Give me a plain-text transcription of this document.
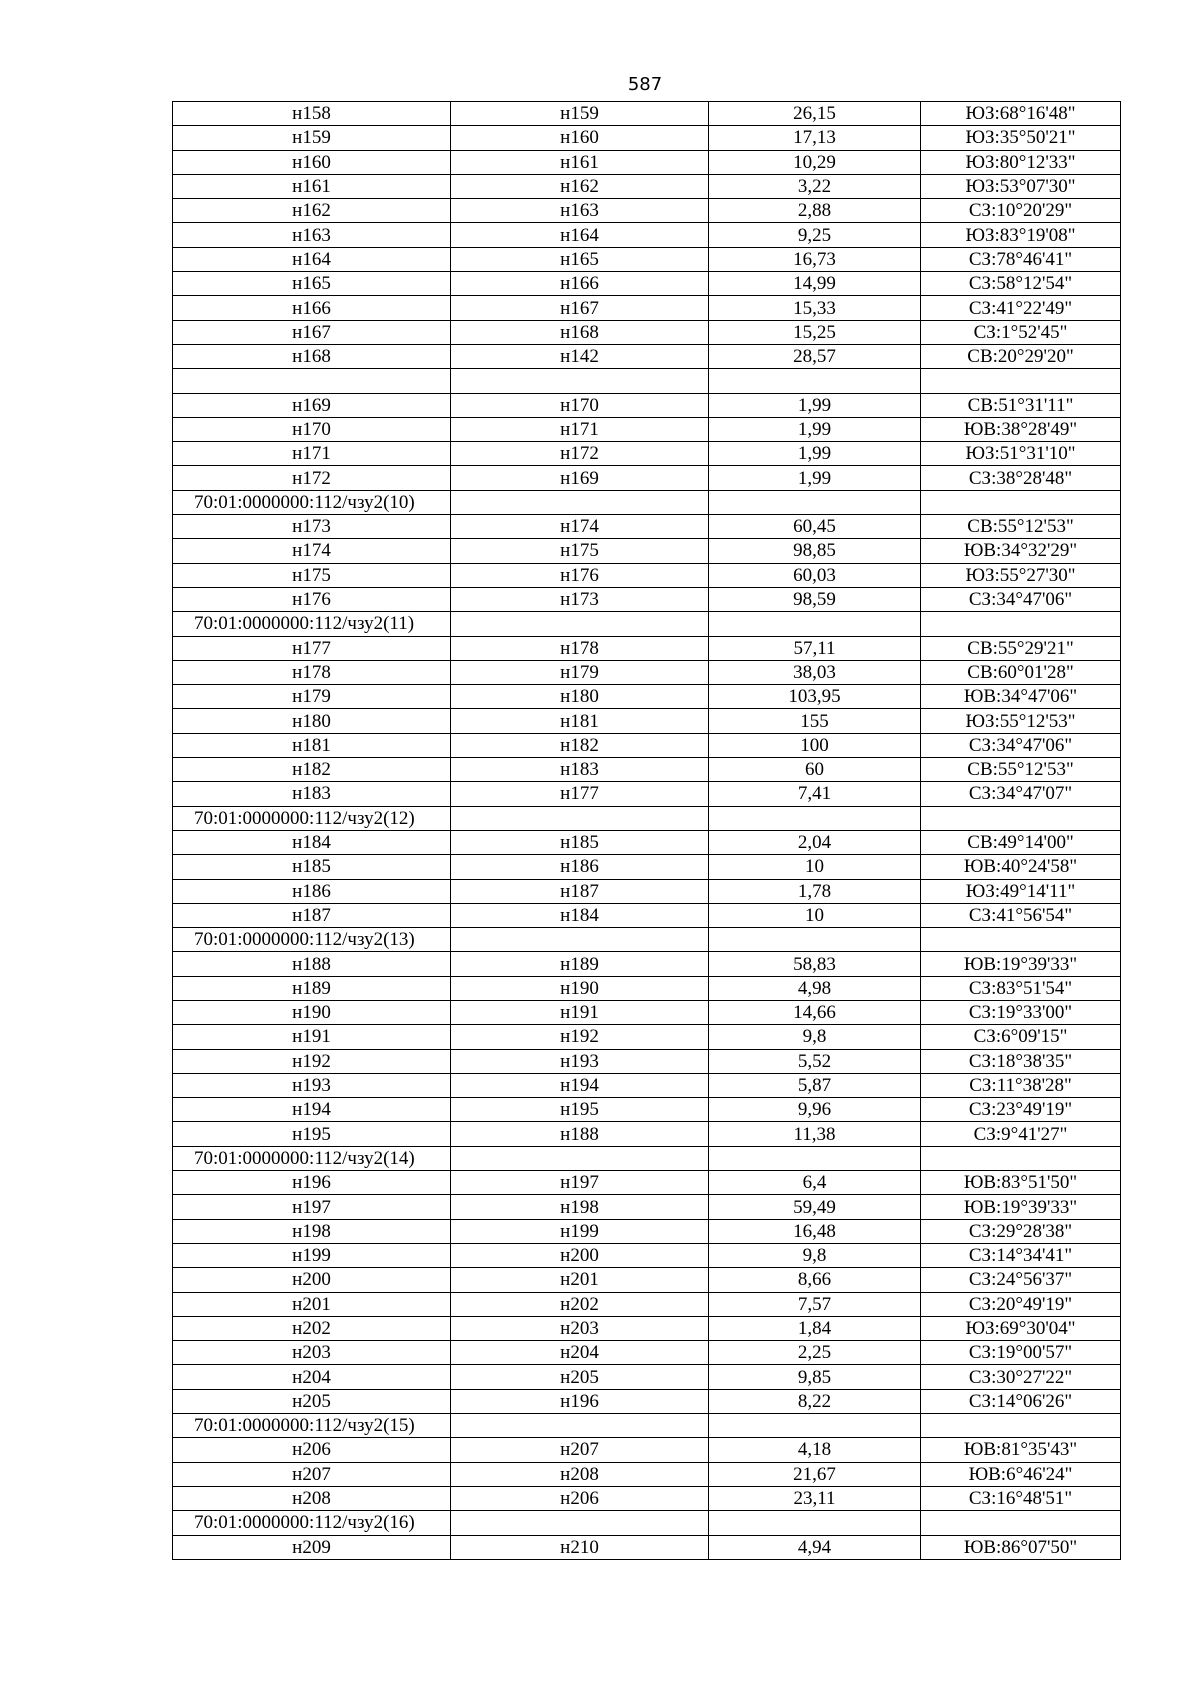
587
н158	н159	26,15	ЮЗ:68°16'48"
н159	н160	17,13	ЮЗ:35°50'21"
н160	н161	10,29	ЮЗ:80°12'33"
н161	н162	3,22	ЮЗ:53°07'30"
н162	н163	2,88	СЗ:10°20'29"
н163	н164	9,25	ЮЗ:83°19'08"
н164	н165	16,73	СЗ:78°46'41"
н165	н166	14,99	СЗ:58°12'54"
н166	н167	15,33	СЗ:41°22'49"
н167	н168	15,25	СЗ:1°52'45"
н168	н142	28,57	СВ:20°29'20"

н169	н170	1,99	СВ:51°31'11"
н170	н171	1,99	ЮВ:38°28'49"
н171	н172	1,99	ЮЗ:51°31'10"
н172	н169	1,99	СЗ:38°28'48"
70:01:0000000:112/чзу2(10)			
н173	н174	60,45	СВ:55°12'53"
н174	н175	98,85	ЮВ:34°32'29"
н175	н176	60,03	ЮЗ:55°27'30"
н176	н173	98,59	СЗ:34°47'06"
70:01:0000000:112/чзу2(11)			
н177	н178	57,11	СВ:55°29'21"
н178	н179	38,03	СВ:60°01'28"
н179	н180	103,95	ЮВ:34°47'06"
н180	н181	155	ЮЗ:55°12'53"
н181	н182	100	СЗ:34°47'06"
н182	н183	60	СВ:55°12'53"
н183	н177	7,41	СЗ:34°47'07"
70:01:0000000:112/чзу2(12)			
н184	н185	2,04	СВ:49°14'00"
н185	н186	10	ЮВ:40°24'58"
н186	н187	1,78	ЮЗ:49°14'11"
н187	н184	10	СЗ:41°56'54"
70:01:0000000:112/чзу2(13)			
н188	н189	58,83	ЮВ:19°39'33"
н189	н190	4,98	СЗ:83°51'54"
н190	н191	14,66	СЗ:19°33'00"
н191	н192	9,8	СЗ:6°09'15"
н192	н193	5,52	СЗ:18°38'35"
н193	н194	5,87	СЗ:11°38'28"
н194	н195	9,96	СЗ:23°49'19"
н195	н188	11,38	СЗ:9°41'27"
70:01:0000000:112/чзу2(14)			
н196	н197	6,4	ЮВ:83°51'50"
н197	н198	59,49	ЮВ:19°39'33"
н198	н199	16,48	СЗ:29°28'38"
н199	н200	9,8	СЗ:14°34'41"
н200	н201	8,66	СЗ:24°56'37"
н201	н202	7,57	СЗ:20°49'19"
н202	н203	1,84	ЮЗ:69°30'04"
н203	н204	2,25	СЗ:19°00'57"
н204	н205	9,85	СЗ:30°27'22"
н205	н196	8,22	СЗ:14°06'26"
70:01:0000000:112/чзу2(15)			
н206	н207	4,18	ЮВ:81°35'43"
н207	н208	21,67	ЮВ:6°46'24"
н208	н206	23,11	СЗ:16°48'51"
70:01:0000000:112/чзу2(16)			
н209	н210	4,94	ЮВ:86°07'50"
